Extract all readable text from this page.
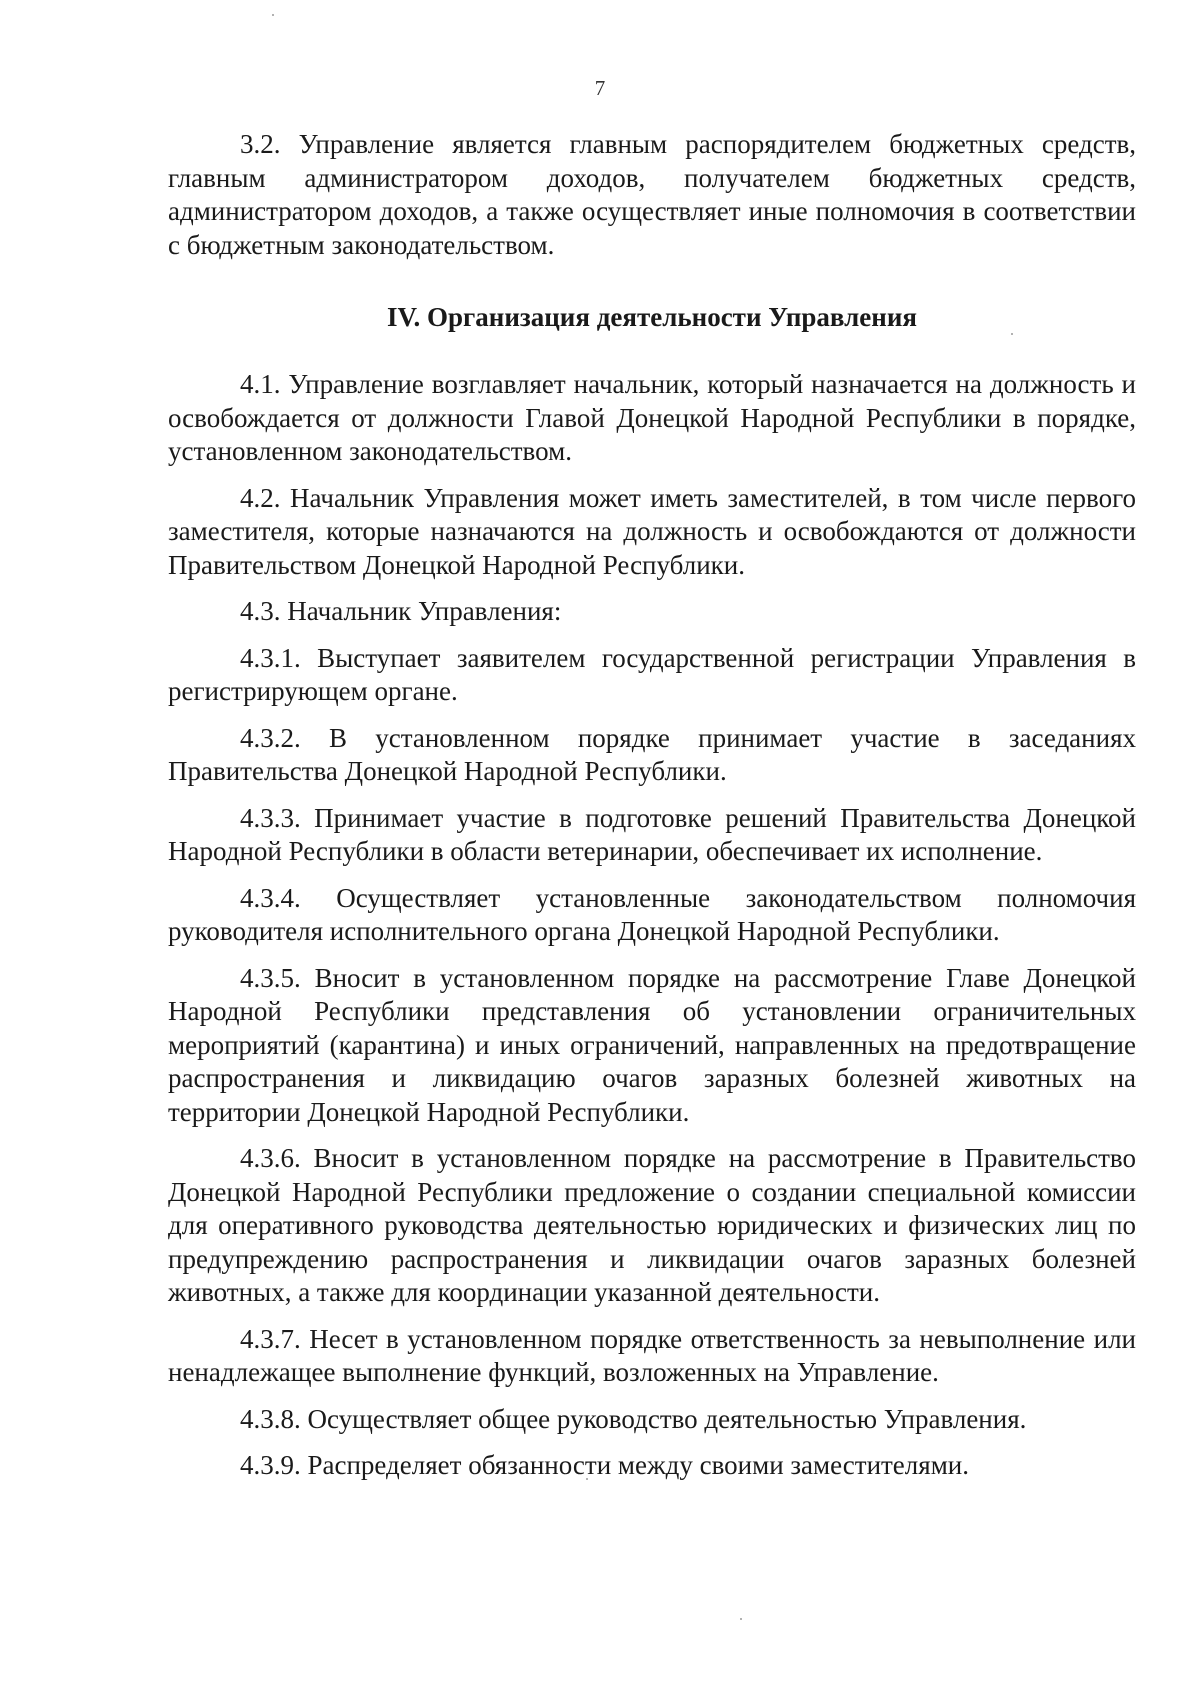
7

3.2. Управление является главным распорядителем бюджетных средств, главным администратором доходов, получателем бюджетных средств, администратором доходов, а также осуществляет иные полномочия в соответствии с бюджетным законодательством.

IV. Организация деятельности Управления

4.1. Управление возглавляет начальник, который назначается на должность и освобождается от должности Главой Донецкой Народной Республики в порядке, установленном законодательством.

4.2. Начальник Управления может иметь заместителей, в том числе первого заместителя, которые назначаются на должность и освобождаются от должности Правительством Донецкой Народной Республики.

4.3. Начальник Управления:

4.3.1. Выступает заявителем государственной регистрации Управления в регистрирующем органе.

4.3.2. В установленном порядке принимает участие в заседаниях Правительства Донецкой Народной Республики.

4.3.3. Принимает участие в подготовке решений Правительства Донецкой Народной Республики в области ветеринарии, обеспечивает их исполнение.

4.3.4. Осуществляет установленные законодательством полномочия руководителя исполнительного органа Донецкой Народной Республики.

4.3.5. Вносит в установленном порядке на рассмотрение Главе Донецкой Народной Республики представления об установлении ограничительных мероприятий (карантина) и иных ограничений, направленных на предотвращение распространения и ликвидацию очагов заразных болезней животных на территории Донецкой Народной Республики.

4.3.6. Вносит в установленном порядке на рассмотрение в Правительство Донецкой Народной Республики предложение о создании специальной комиссии для оперативного руководства деятельностью юридических и физических лиц по предупреждению распространения и ликвидации очагов заразных болезней животных, а также для координации указанной деятельности.

4.3.7. Несет в установленном порядке ответственность за невыполнение или ненадлежащее выполнение функций, возложенных на Управление.

4.3.8. Осуществляет общее руководство деятельностью Управления.

4.3.9. Распределяет обязанности между своими заместителями.
